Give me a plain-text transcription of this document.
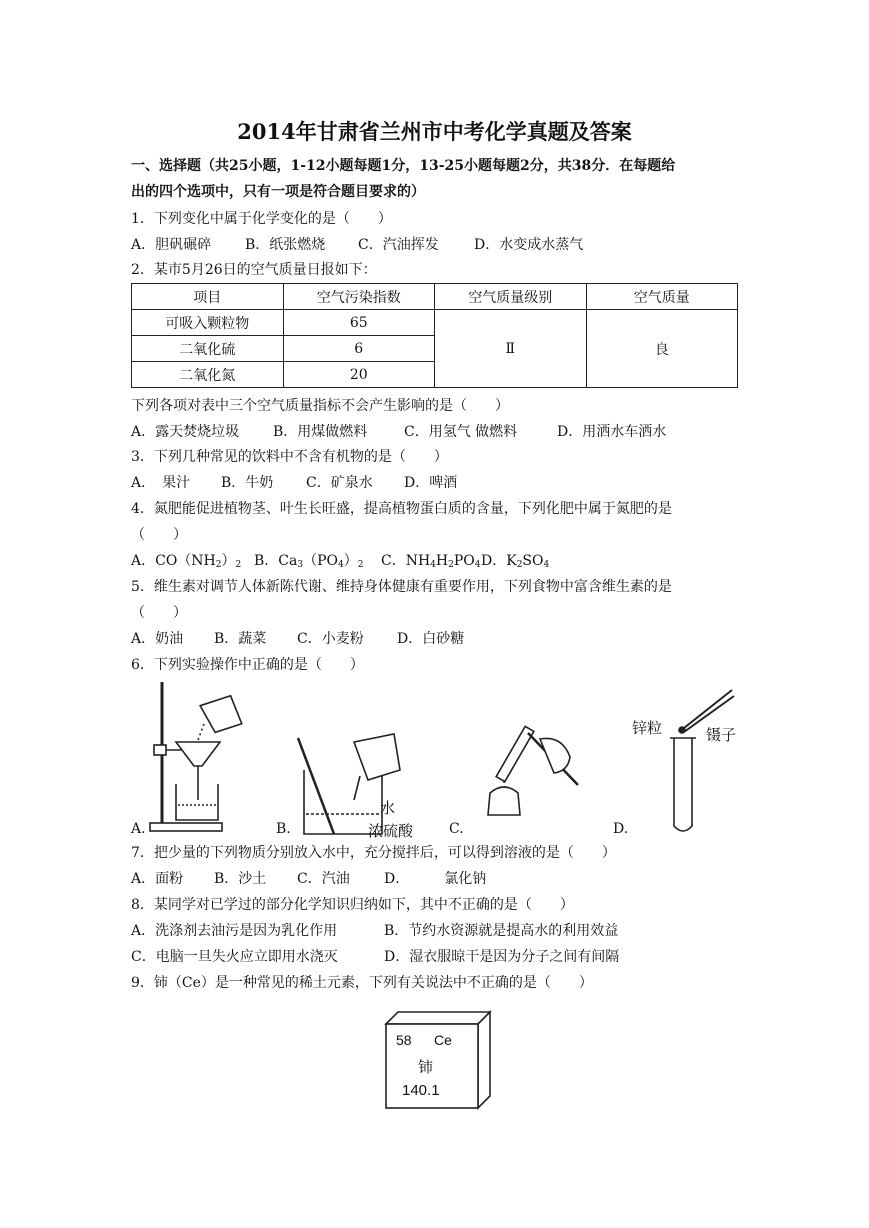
2014年甘肃省兰州市中考化学真题及答案
一、选择题（共25小题，1-12小题每题1分，13-25小题每题2分，共38分．在每题给
出的四个选项中，只有一项是符合题目要求的）
1．下列变化中属于化学变化的是（　　）
A．胆矾碾碎 B．纸张燃烧 C．汽油挥发	D．水变成水蒸气
2．某市5月26日的空气质量日报如下：
项目	空气污染指数	空气质量级别	空气质量
可吸入颗粒物	65	Ⅱ	良
二氧化硫	6		
二氧化氮	20		
下列各项对表中三个空气质量指标不会产生影响的是（　　）
A．露天焚烧垃圾 B．用煤做燃料	C．用氢气 做燃料	D．用洒水车洒水
3．下列几种常见的饮料中不含有机物的是（　　）
A．　果汁 B．牛奶 C．矿泉水 D．啤酒
4．氮肥能促进植物茎、叶生长旺盛，提高植物蛋白质的含量，下列化肥中属于氮肥的是
（　　）
A．$CO(NH_2)_2$ B．$Ca_3(PO_4)_2$ C．$NH_4H_2PO_4$ D．$K_2SO_4$
5．维生素对调节人体新陈代谢、维持身体健康有重要作用，下列食物中富含维生素的是
（　　）
A．奶油 B．蔬菜 C．小麦粉 D．白砂糖
6．下列实验操作中正确的是（　　）
A.
水
浓硫酸
B.	C.
锌粒	镊子
D.
7．把少量的下列物质分别放入水中，充分搅拌后，可以得到溶液的是（　　）
A．面粉 B．沙土 C．汽油 D．　　　氯化钠
8．某同学对已学过的部分化学知识归纳如下，其中不正确的是（　　）
A．洗涤剂去油污是因为乳化作用	B．节约水资源就是提高水的利用效益
C．电脑一旦失火应立即用水浇灭	D．湿衣服晾干是因为分子之间有间隔
9．铈（Ce）是一种常见的稀土元素，下列有关说法中不正确的是（　　）
58 Ce
铈
140.1
